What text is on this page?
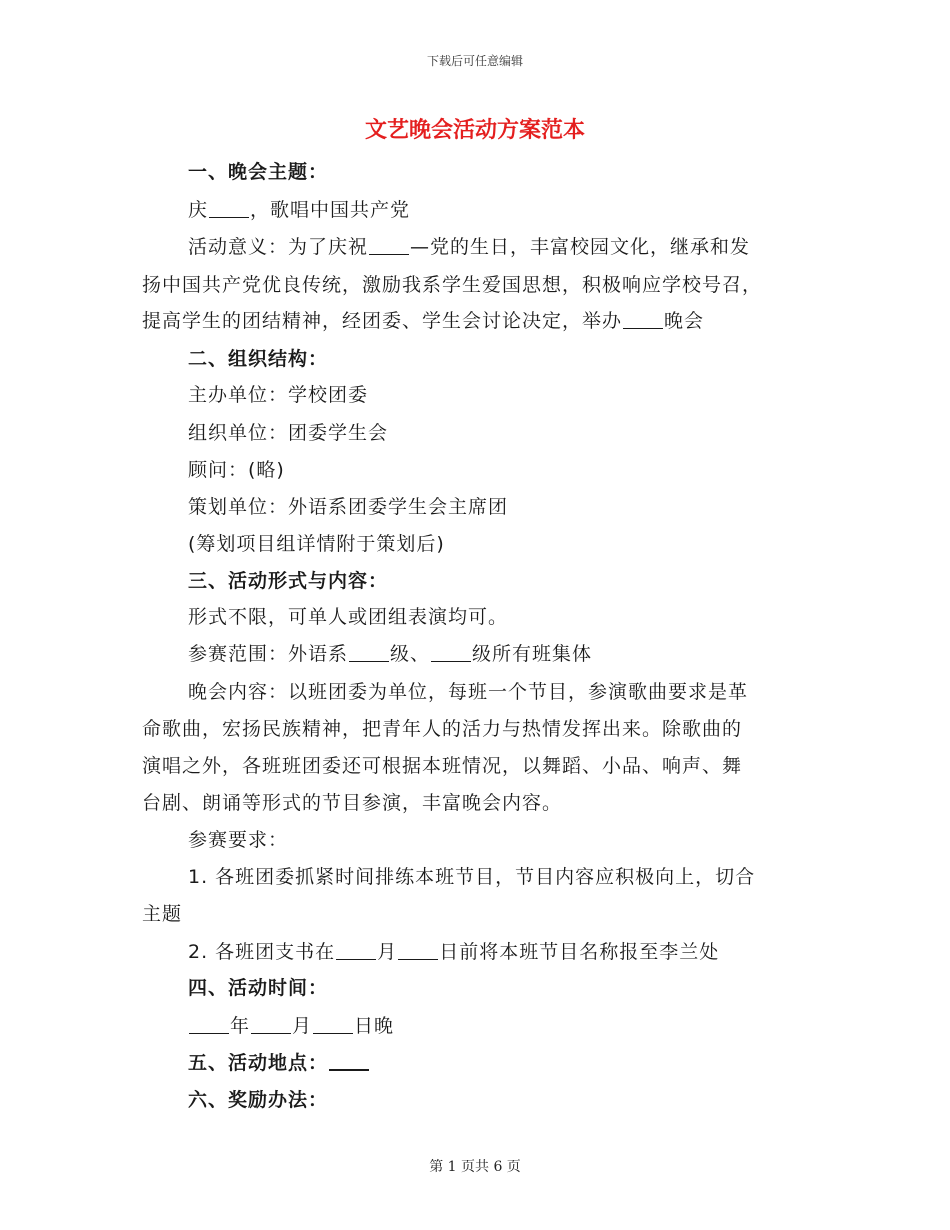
下载后可任意编辑
文艺晚会活动方案范本
一、晚会主题：
庆 ，歌唱中国共产党
活动意义：为了庆祝 —党的生日，丰富校园文化，继承和发
扬中国共产党优良传统，激励我系学生爱国思想，积极响应学校号召，
提高学生的团结精神，经团委、学生会讨论决定，举办 晚会
二、组织结构：
主办单位：学校团委
组织单位：团委学生会
顾问：(略)
策划单位：外语系团委学生会主席团
(筹划项目组详情附于策划后)
三、活动形式与内容：
形式不限，可单人或团组表演均可。
参赛范围：外语系 级、 级所有班集体
晚会内容：以班团委为单位，每班一个节目，参演歌曲要求是革
命歌曲，宏扬民族精神，把青年人的活力与热情发挥出来。除歌曲的
演唱之外，各班班团委还可根据本班情况，以舞蹈、小品、响声、舞
台剧、朗诵等形式的节目参演，丰富晚会内容。
参赛要求：
1. 各班团委抓紧时间排练本班节目，节目内容应积极向上，切合
主题
2. 各班团支书在 月 日前将本班节目名称报至李兰处
四、活动时间：
年 月 日晚
五、活动地点：
六、奖励办法：
第 1 页共 6 页
